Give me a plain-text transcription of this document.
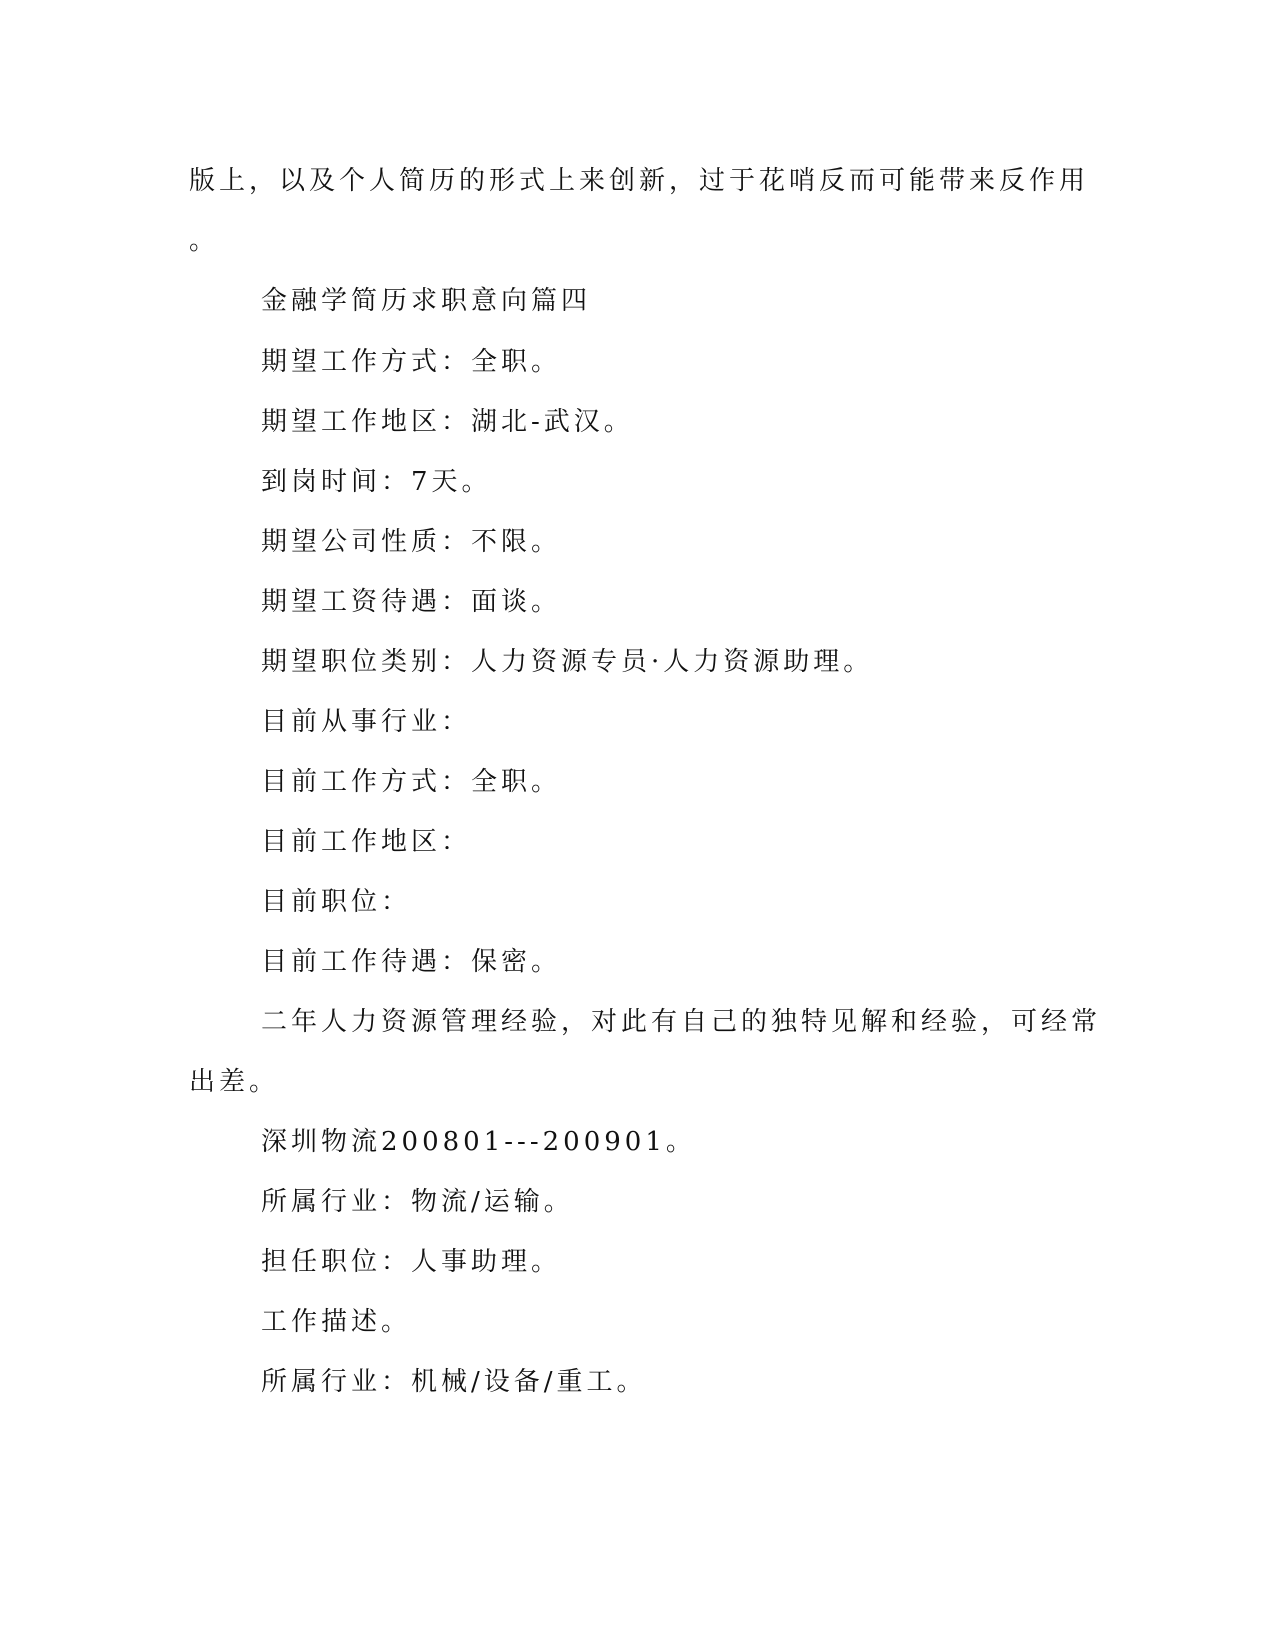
版上，以及个人简历的形式上来创新，过于花哨反而可能带来反作用
。
金融学简历求职意向篇四
期望工作方式：全职。
期望工作地区：湖北-武汉。
到岗时间：7天。
期望公司性质：不限。
期望工资待遇：面谈。
期望职位类别：人力资源专员·人力资源助理。
目前从事行业：
目前工作方式：全职。
目前工作地区：
目前职位：
目前工作待遇：保密。
二年人力资源管理经验，对此有自己的独特见解和经验，可经常
出差。
深圳物流200801---200901。
所属行业：物流/运输。
担任职位：人事助理。
工作描述。
所属行业：机械/设备/重工。
